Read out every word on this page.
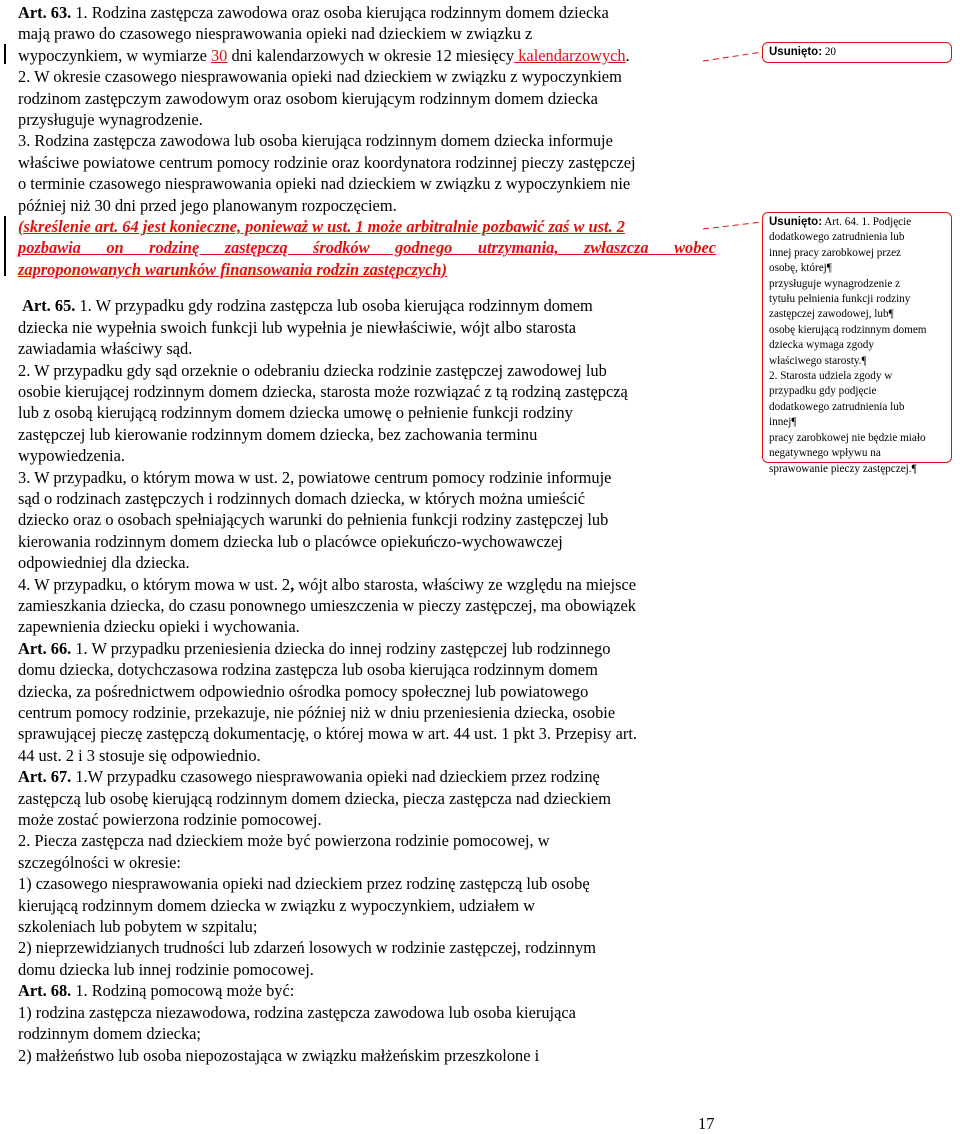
Art. 63. 1. Rodzina zastępcza zawodowa oraz osoba kierująca rodzinnym domem dziecka
mają prawo do czasowego niesprawowania opieki nad dzieckiem w związku z
wypoczynkiem, w wymiarze 30 dni kalendarzowych w okresie 12 miesięcy kalendarzowych.

2. W okresie czasowego niesprawowania opieki nad dzieckiem w związku z wypoczynkiem
rodzinom zastępczym zawodowym oraz osobom kierującym rodzinnym domem dziecka
przysługuje wynagrodzenie.

3. Rodzina zastępcza zawodowa lub osoba kierująca rodzinnym domem dziecka informuje
właściwe powiatowe centrum pomocy rodzinie oraz koordynatora rodzinnej pieczy zastępczej
o terminie czasowego niesprawowania opieki nad dzieckiem w związku z wypoczynkiem nie
później niż 30 dni przed jego planowanym rozpoczęciem.

(skreślenie art. 64 jest konieczne, ponieważ w ust. 1 może arbitralnie pozbawić zaś w ust. 2
pozbawia on rodzinę zastępczą środków godnego utrzymania, zwłaszcza wobec
zaproponowanych warunków finansowania rodzin zastępczych)

Art. 65. 1. W przypadku gdy rodzina zastępcza lub osoba kierująca rodzinnym domem
dziecka nie wypełnia swoich funkcji lub wypełnia je niewłaściwie, wójt albo starosta
zawiadamia właściwy sąd.

2. W przypadku gdy sąd orzeknie o odebraniu dziecka rodzinie zastępczej zawodowej lub
osobie kierującej rodzinnym domem dziecka, starosta może rozwiązać z tą rodziną zastępczą
lub z osobą kierującą rodzinnym domem dziecka umowę o pełnienie funkcji rodziny
zastępczej lub kierowanie rodzinnym domem dziecka, bez zachowania terminu
wypowiedzenia.

3. W przypadku, o którym mowa w ust. 2, powiatowe centrum pomocy rodzinie informuje
sąd o rodzinach zastępczych i rodzinnych domach dziecka, w których można umieścić
dziecko oraz o osobach spełniających warunki do pełnienia funkcji rodziny zastępczej lub
kierowania rodzinnym domem dziecka lub o placówce opiekuńczo-wychowawczej
odpowiedniej dla dziecka.

4. W przypadku, o którym mowa w ust. 2, wójt albo starosta, właściwy ze względu na miejsce
zamieszkania dziecka, do czasu ponownego umieszczenia w pieczy zastępczej, ma obowiązek
zapewnienia dziecku opieki i wychowania.

Art. 66. 1. W przypadku przeniesienia dziecka do innej rodziny zastępczej lub rodzinnego
domu dziecka, dotychczasowa rodzina zastępcza lub osoba kierująca rodzinnym domem
dziecka, za pośrednictwem odpowiednio ośrodka pomocy społecznej lub powiatowego
centrum pomocy rodzinie, przekazuje, nie później niż w dniu przeniesienia dziecka, osobie
sprawującej pieczę zastępczą dokumentację, o której mowa w art. 44 ust. 1 pkt 3. Przepisy art.
44 ust. 2 i 3 stosuje się odpowiednio.

Art. 67. 1.W przypadku czasowego niesprawowania opieki nad dzieckiem przez rodzinę
zastępczą lub osobę kierującą rodzinnym domem dziecka, piecza zastępcza nad dzieckiem
może zostać powierzona rodzinie pomocowej.

2. Piecza zastępcza nad dzieckiem może być powierzona rodzinie pomocowej, w
szczególności w okresie:

1) czasowego niesprawowania opieki nad dzieckiem przez rodzinę zastępczą lub osobę
kierującą rodzinnym domem dziecka w związku z wypoczynkiem, udziałem w
szkoleniach lub pobytem w szpitalu;

2) nieprzewidzianych trudności lub zdarzeń losowych w rodzinie zastępczej, rodzinnym
domu dziecka lub innej rodzinie pomocowej.

Art. 68. 1. Rodziną pomocową może być:

1) rodzina zastępcza niezawodowa, rodzina zastępcza zawodowa lub osoba kierująca
rodzinnym domem dziecka;

2) małżeństwo lub osoba niepozostająca w związku małżeńskim przeszkolone i

Usunięto: 20
Usunięto: Art. 64. 1. Podjęcie
dodatkowego zatrudnienia lub
innej pracy zarobkowej przez
osobę, której¶
przysługuje wynagrodzenie z
tytułu pełnienia funkcji rodziny
zastępczej zawodowej, lub¶
osobę kierującą rodzinnym domem
dziecka wymaga zgody
właściwego starosty.¶
2. Starosta udziela zgody w
przypadku gdy podjęcie
dodatkowego zatrudnienia lub
innej¶
pracy zarobkowej nie będzie miało
negatywnego wpływu na
sprawowanie pieczy zastępczej.¶
17
